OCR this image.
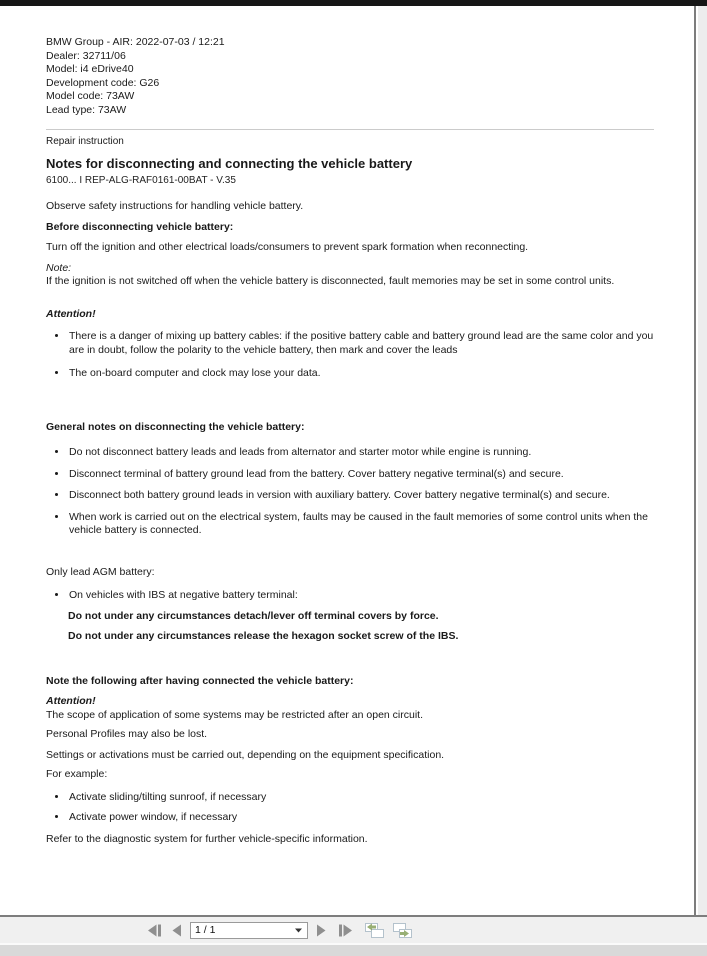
BMW Group - AIR: 2022-07-03 / 12:21
Dealer: 32711/06
Model: i4 eDrive40
Development code: G26
Model code: 73AW
Lead type: 73AW
Repair instruction
Notes for disconnecting and connecting the vehicle battery
6100... I REP-ALG-RAF0161-00BAT - V.35

Observe safety instructions for handling vehicle battery.

Before disconnecting vehicle battery:

Turn off the ignition and other electrical loads/consumers to prevent spark formation when reconnecting.

Note:

If the ignition is not switched off when the vehicle battery is disconnected, fault memories may be set in some control units.

Attention!

• There is a danger of mixing up battery cables: if the positive battery cable and battery ground lead are the same color and you are in doubt, follow the polarity to the vehicle battery, then mark and cover the leads
• The on-board computer and clock may lose your data.

General notes on disconnecting the vehicle battery:

• Do not disconnect battery leads and leads from alternator and starter motor while engine is running.
• Disconnect terminal of battery ground lead from the battery. Cover battery negative terminal(s) and secure.
• Disconnect both battery ground leads in version with auxiliary battery. Cover battery negative terminal(s) and secure.
• When work is carried out on the electrical system, faults may be caused in the fault memories of some control units when the vehicle battery is connected.

Only lead AGM battery:

• On vehicles with IBS at negative battery terminal:

Do not under any circumstances detach/lever off terminal covers by force.

Do not under any circumstances release the hexagon socket screw of the IBS.

Note the following after having connected the vehicle battery:

Attention!

The scope of application of some systems may be restricted after an open circuit.

Personal Profiles may also be lost.

Settings or activations must be carried out, depending on the equipment specification.

For example:

• Activate sliding/tilting sunroof, if necessary
• Activate power window, if necessary

Refer to the diagnostic system for further vehicle-specific information.

1 / 1
